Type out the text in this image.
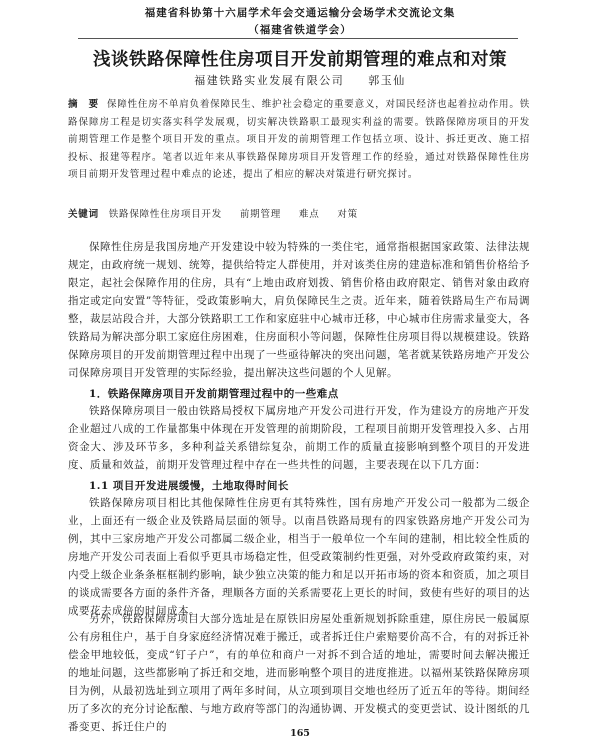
福建省科协第十六届学术年会交通运输分会场学术交流论文集
（福建省铁道学会）
浅谈铁路保障性住房项目开发前期管理的难点和对策
福建铁路实业发展有限公司 郭玉仙
摘　要 保障性住房不单肩负着保障民生、维护社会稳定的重要意义，对国民经济也起着拉动作用。铁路保障房工程是切实落实科学发展观，切实解决铁路职工最现实利益的需要。铁路保障房项目的开发前期管理工作是整个项目开发的重点。项目开发的前期管理工作包括立项、设计、拆迁更改、施工招投标、报建等程序。笔者以近年来从事铁路保障房项目开发管理工作的经验，通过对铁路保障性住房项目前期开发管理过程中难点的论述，提出了相应的解决对策进行研究探讨。
关键词 铁路保障性住房项目开发 前期管理 难点 对策
保障性住房是我国房地产开发建设中较为特殊的一类住宅，通常指根据国家政策、法律法规规定，由政府统一规划、统筹，提供给特定人群使用，并对该类住房的建造标准和销售价格给予限定，起社会保障作用的住房，具有“上地由政府划拨、销售价格由政府限定、销售对象由政府指定或定向安置”等特征，受政策影响大，肩负保障民生之责。近年来，随着铁路局生产布局调整，裁层站段合并，大部分铁路职工工作和家庭驻中心城市迁移，中心城市住房需求量变大，各铁路局为解决部分职工家庭住房困难，住房面积小等问题，保障性住房项目得以规模建设。铁路保障房项目的开发前期管理过程中出现了一些亟待解决的突出问题，笔者就某铁路房地产开发公司保障房项目开发管理的实际经验，提出解决这些问题的个人见解。
1．铁路保障房项目开发前期管理过程中的一些难点
铁路保障房项目一般由铁路局授权下属房地产开发公司进行开发，作为建设方的房地产开发企业超过八成的工作量都集中体现在开发管理的前期阶段，工程项目前期开发管理投入多、占用资金大、涉及环节多，多种利益关系错综复杂，前期工作的质量直接影响到整个项目的开发进度、质量和效益，前期开发管理过程中存在一些共性的问题，主要表现在以下几方面：
1.1 项目开发进展缓慢，土地取得时间长
铁路保障房项目相比其他保障性住房更有其特殊性，国有房地产开发公司一般都为二级企业，上面还有一级企业及铁路局层面的领导。以南昌铁路局现有的四家铁路房地产开发公司为例，其中三家房地产开发公司都属二级企业，相当于一般单位一个车间的建制，相比较全性质的房地产开发公司表面上看似乎更具市场稳定性，但受政策制约性更强，对外受政府政策约束，对内受上级企业条条框框制约影响，缺少独立决策的能力和足以开拓市场的资本和资质，加之项目的谈成需要各方面的条件齐备，理顺各方面的关系需要花上更长的时间，致使有些好的项目的达成要花去成倍的时间成本。
另外，铁路保障房项目大部分选址是在原铁旧房屋处重新规划拆除重建，原住房民一般属原公有房租住户，基于自身家庭经济情况难于搬迁，或者拆迁住户索赔要价高不合，有的对拆迁补偿金甲地较低，变成“钉子户”，有的单位和商户一对拆不到合适的地址，需要时间去解决搬迁的地址问题，这些都影响了拆迁和交地，进而影响整个项目的进度推进。以福州某铁路保障房项目为例，从最初选址到立项用了两年多时间，从立项到项目交地也经历了近五年的等待。期间经历了多次的充分讨论酝酿、与地方政府等部门的沟通协调、开发模式的变更尝试、设计图纸的几番变更、拆迁住户的
165
